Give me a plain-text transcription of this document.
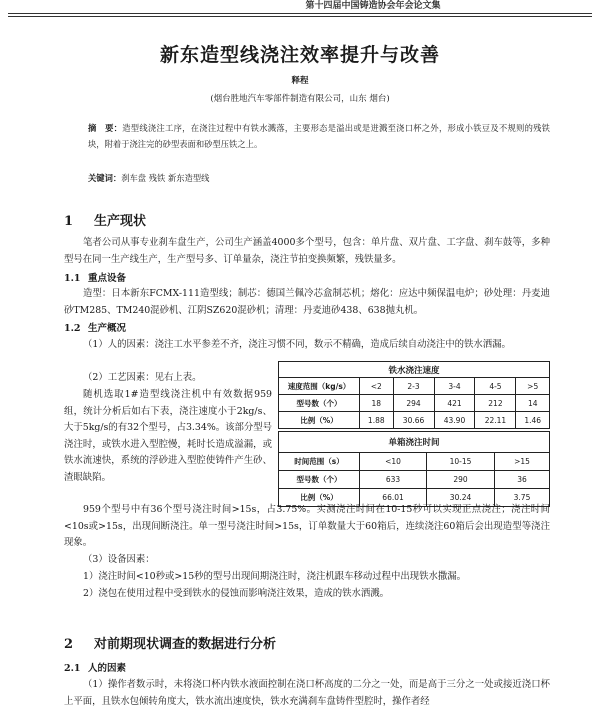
第十四届中国铸造协会年会论文集
新东造型线浇注效率提升与改善
释程
(烟台胜地汽车零部件制造有限公司，山东 烟台)
摘　要：造型线浇注工序，在浇注过程中有铁水溅落，主要形态是溢出或是迸溅至浇口杯之外，形成小铁豆及不规则的残铁块，附着于浇注完的砂型表面和砂型压铁之上。
关键词：刹车盘 残铁 新东造型线
1 生产现状
笔者公司从事专业刹车盘生产，公司生产涵盖4000多个型号，包含：单片盘、双片盘、工字盘、刹车鼓等，多种型号在同一生产线生产，生产型号多、订单量杂，浇注节拍变换频繁，残铁量多。
1.1 重点设备
造型：日本新东FCMX-111造型线；制芯：德国兰佩冷芯盒制芯机；熔化：应达中频保温电炉；砂处理：丹麦迪砂TM285、TM240混砂机、江阴SZ620混砂机；清理：丹麦迪砂438、638抛丸机。
1.2 生产概况
（1）人的因素：浇注工水平参差不齐，浇注习惯不同，数示不精确，造成后续自动浇注中的铁水洒漏。
（2）工艺因素：见右上表。
随机选取1#造型线浇注机中有效数据959组，统计分析后如右下表，浇注速度小于2kg/s、大于5kg/s的有32个型号，占3.34%。该部分型号浇注时，或铁水进入型腔慢，耗时长造成溢漏，或铁水流速快，系统的浮砂进入型腔使铸件产生砂、渣眼缺陷。
铁水浇注速度					
速度范围（kg/s）	<2	2-3	3-4	4-5	>5
型号数（个）	18	294	421	212	14
比例（%）	1.88	30.66	43.90	22.11	1.46
单箱浇注时间			
时间范围（s）	<10	10-15	>15
型号数（个）	633	290	36
比例（%）	66.01	30.24	3.75
959个型号中有36个型号浇注时间>15s，占3.75%。实测浇注时间在10-15秒可以实现正点浇注；浇注时间<10s或>15s，出现间断浇注。单一型号浇注时间>15s，订单数量大于60箱后，连续浇注60箱后会出现造型等浇注现象。
（3）设备因素：
1）浇注时间<10秒或>15秒的型号出现间期浇注时，浇注机跟车移动过程中出现铁水撒漏。
2）浇包在使用过程中受到铁水的侵蚀而影响浇注效果，造成的铁水洒溅。
2 对前期现状调查的数据进行分析
2.1 人的因素
（1）操作者数示时，未将浇口杯内铁水液面控制在浇口杯高度的二分之一处，而是高于三分之一处或接近浇口杯上平面，且铁水包倾转角度大，铁水流出速度快，铁水充满刹车盘铸件型腔时，操作者经
